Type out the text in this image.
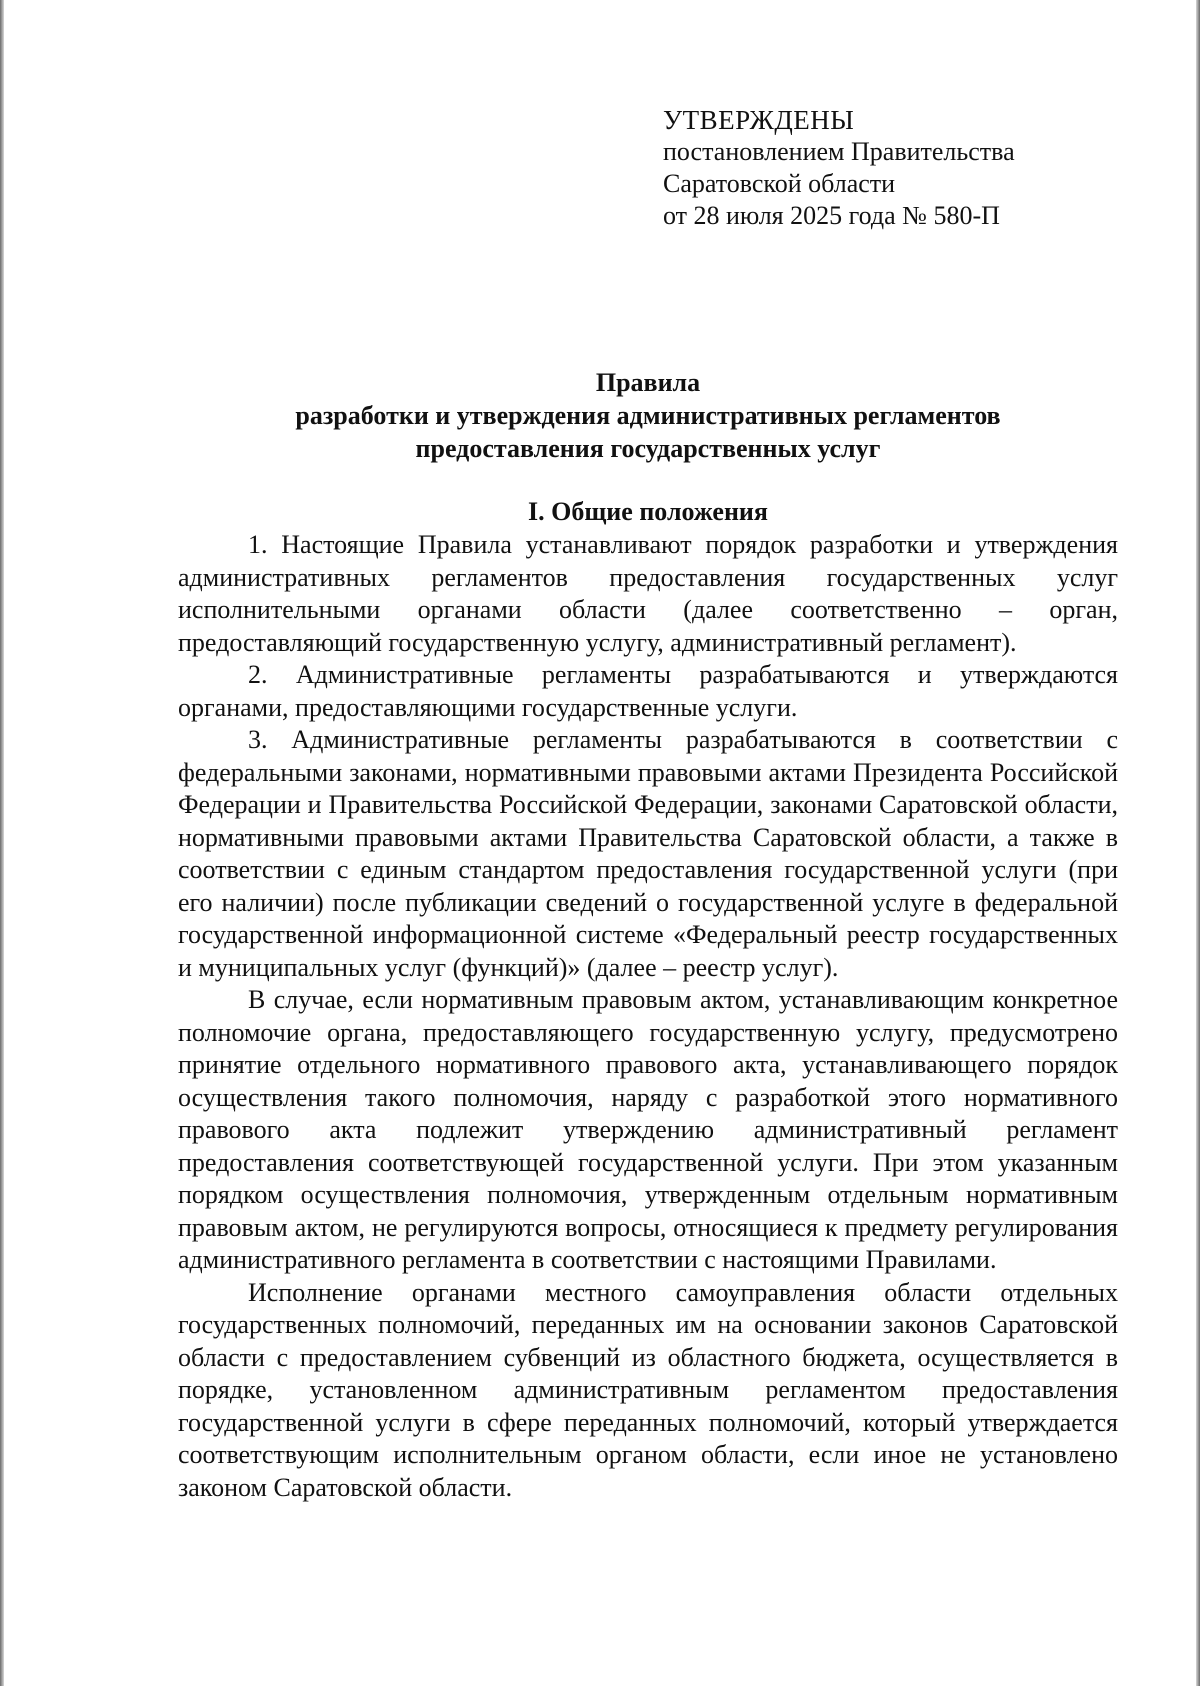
УТВЕРЖДЕНЫ
постановлением Правительства
Саратовской области
от 28 июля 2025 года № 580-П
Правила
разработки и утверждения административных регламентов
предоставления государственных услуг
I. Общие положения

1. Настоящие Правила устанавливают порядок разработки и утверждения административных регламентов предоставления государственных услуг исполнительными органами области (далее соответственно – орган, предоставляющий государственную услугу, административный регламент).

2. Административные регламенты разрабатываются и утверждаются органами, предоставляющими государственные услуги.

3. Административные регламенты разрабатываются в соответствии с федеральными законами, нормативными правовыми актами Президента Российской Федерации и Правительства Российской Федерации, законами Саратовской области, нормативными правовыми актами Правительства Саратовской области, а также в соответствии с единым стандартом предоставления государственной услуги (при его наличии) после публикации сведений о государственной услуге в федеральной государственной информационной системе «Федеральный реестр государственных и муниципальных услуг (функций)» (далее – реестр услуг).

В случае, если нормативным правовым актом, устанавливающим конкретное полномочие органа, предоставляющего государственную услугу, предусмотрено принятие отдельного нормативного правового акта, устанавливающего порядок осуществления такого полномочия, наряду с разработкой этого нормативного правового акта подлежит утверждению административный регламент предоставления соответствующей государственной услуги. При этом указанным порядком осуществления полномочия, утвержденным отдельным нормативным правовым актом, не регулируются вопросы, относящиеся к предмету регулирования административного регламента в соответствии с настоящими Правилами.

Исполнение органами местного самоуправления области отдельных государственных полномочий, переданных им на основании законов Саратовской области с предоставлением субвенций из областного бюджета, осуществляется в порядке, установленном административным регламентом предоставления государственной услуги в сфере переданных полномочий, который утверждается соответствующим исполнительным органом области, если иное не установлено законом Саратовской области.
